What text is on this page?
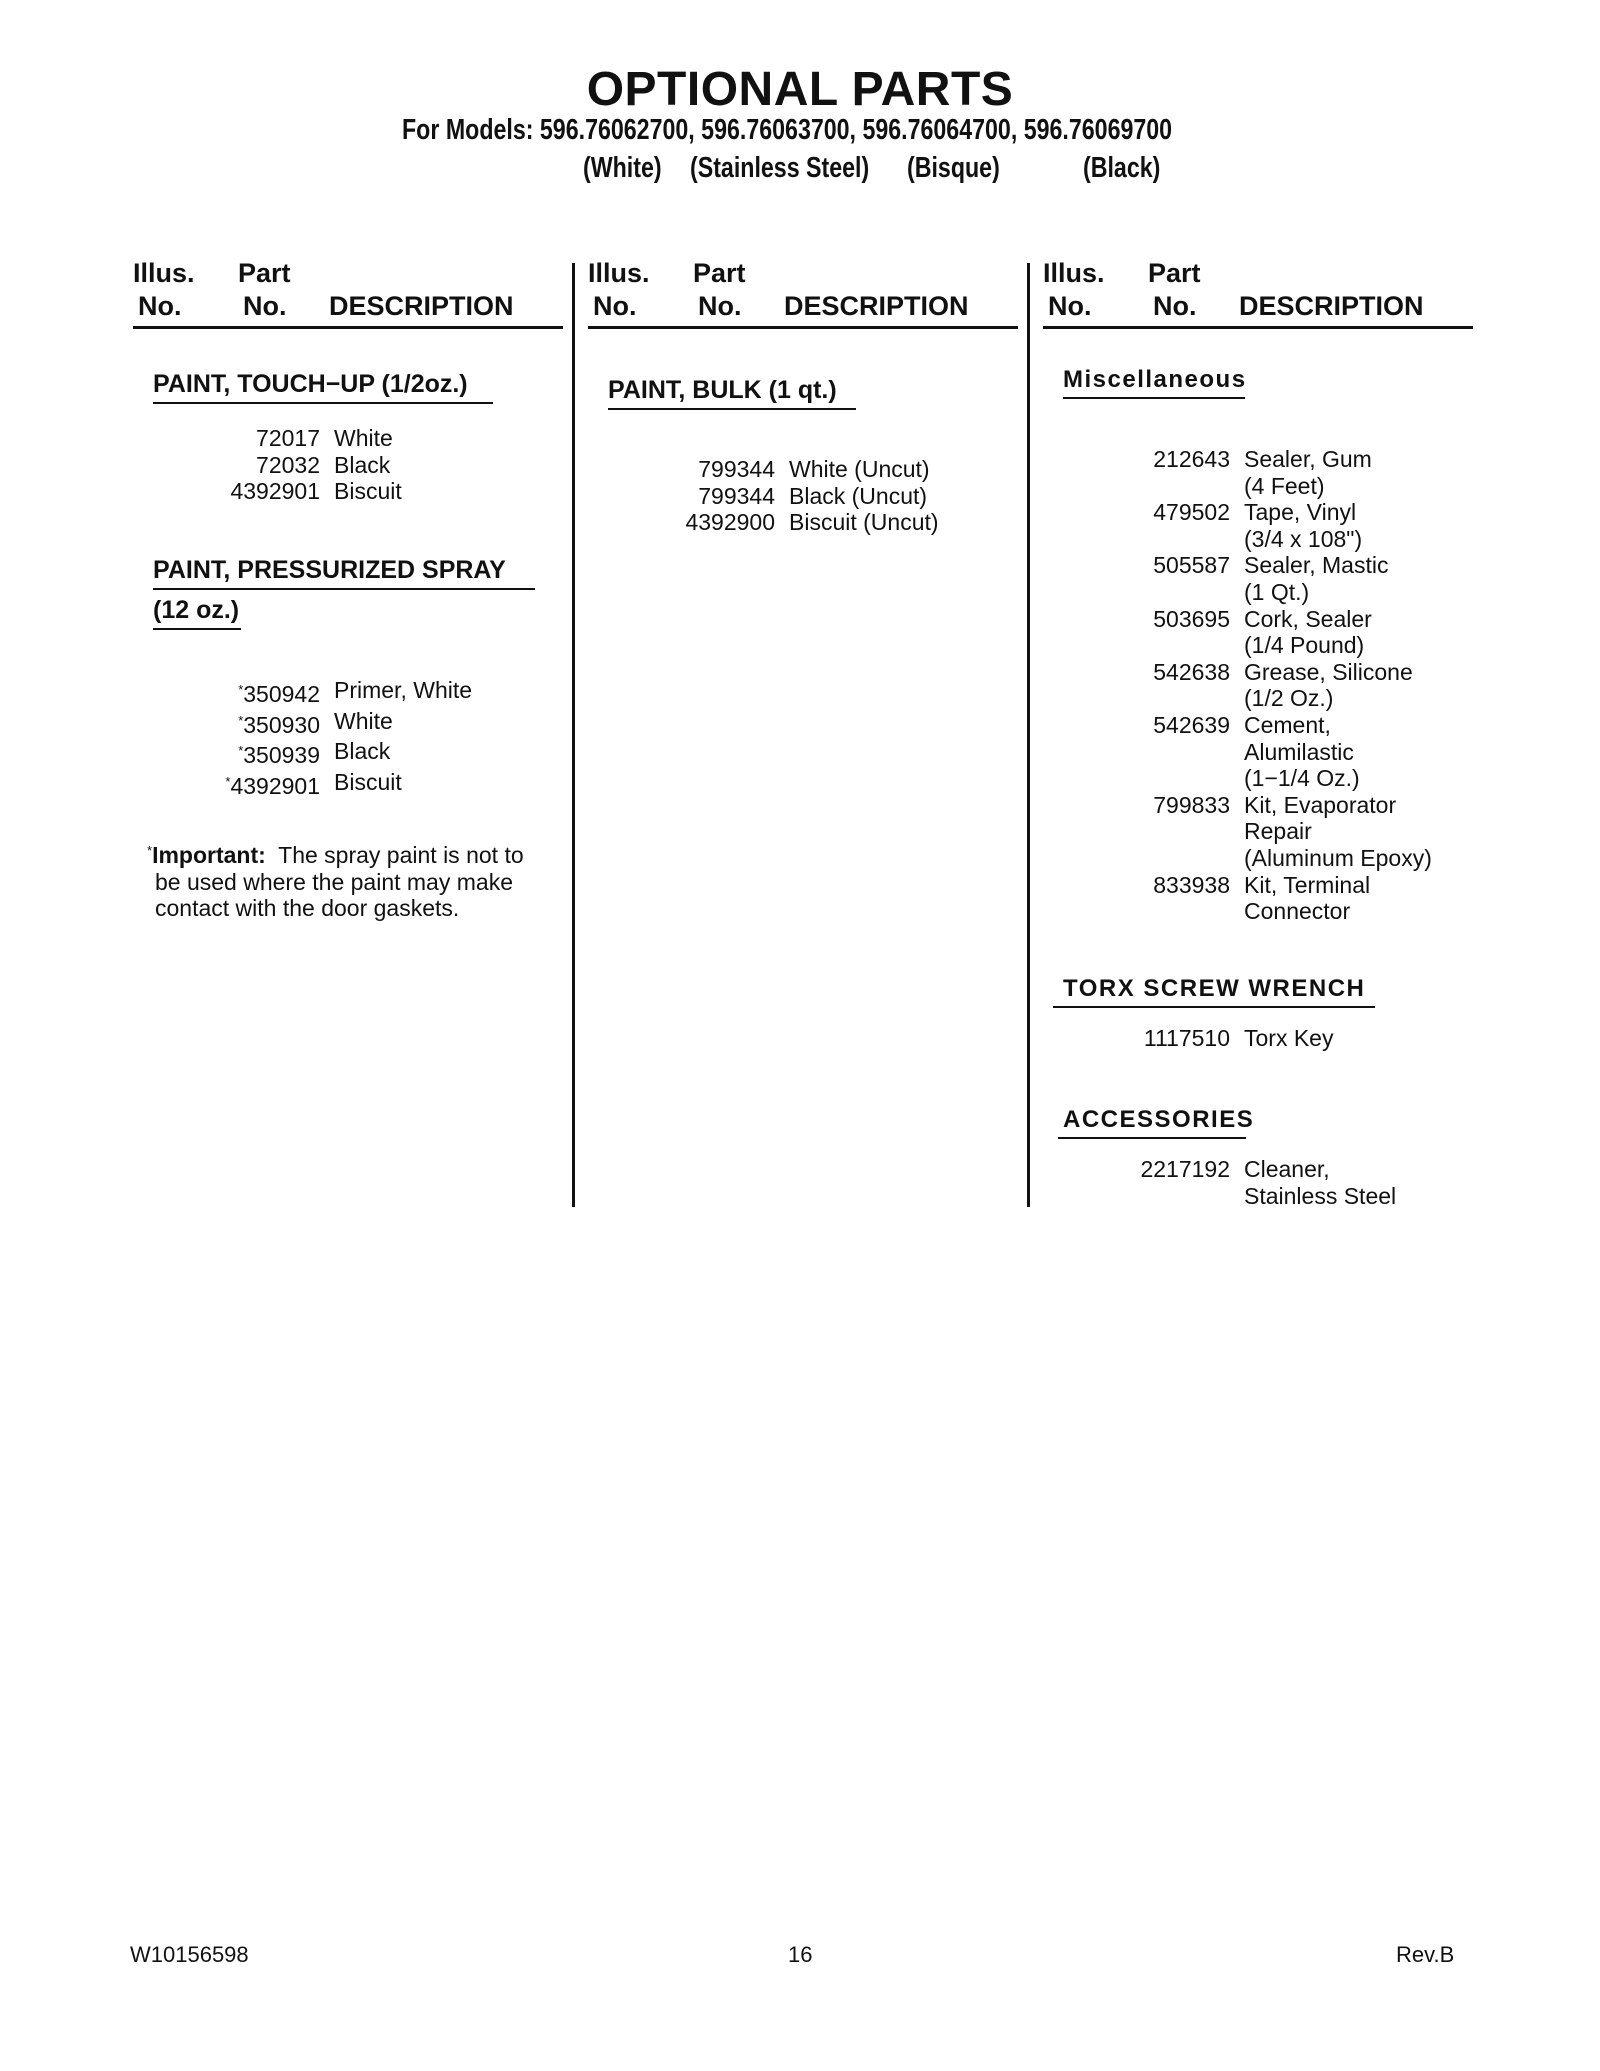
OPTIONAL PARTS
For Models: 596.76062700, 596.76063700, 596.76064700, 596.76069700
(White) (Stainless Steel) (Bisque)	(Black)
Illus.
No.
Part
No. DESCRIPTION
Illus.
No.
Part
No. DESCRIPTION
Illus.
No.
Part
No. DESCRIPTION
PAINT, TOUCH−UP (1/2oz.)
72017 White
72032 Black
4392901 Biscuit
PAINT, PRESSURIZED SPRAY
(12 oz.)
*350942 Primer, White
*350930 White
*350939 Black
*4392901 Biscuit
*Important: The spray paint is not to be used where the paint may make contact with the door gaskets.
PAINT, BULK (1 qt.)
799344 White (Uncut)
799344 Black (Uncut)
4392900 Biscuit (Uncut)
Miscellaneous
212643 Sealer, Gum
(4 Feet)
479502 Tape, Vinyl
(3/4 x 108")
505587 Sealer, Mastic
(1 Qt.)
503695 Cork, Sealer
(1/4 Pound)
542638 Grease, Silicone
(1/2 Oz.)
542639 Cement,
Alumilastic
(1−1/4 Oz.)
799833 Kit, Evaporator
Repair
(Aluminum Epoxy)
833938 Kit, Terminal
Connector
TORX SCREW WRENCH
1117510 Torx Key
ACCESSORIES
2217192 Cleaner,
Stainless Steel
W10156598	16	Rev.B
